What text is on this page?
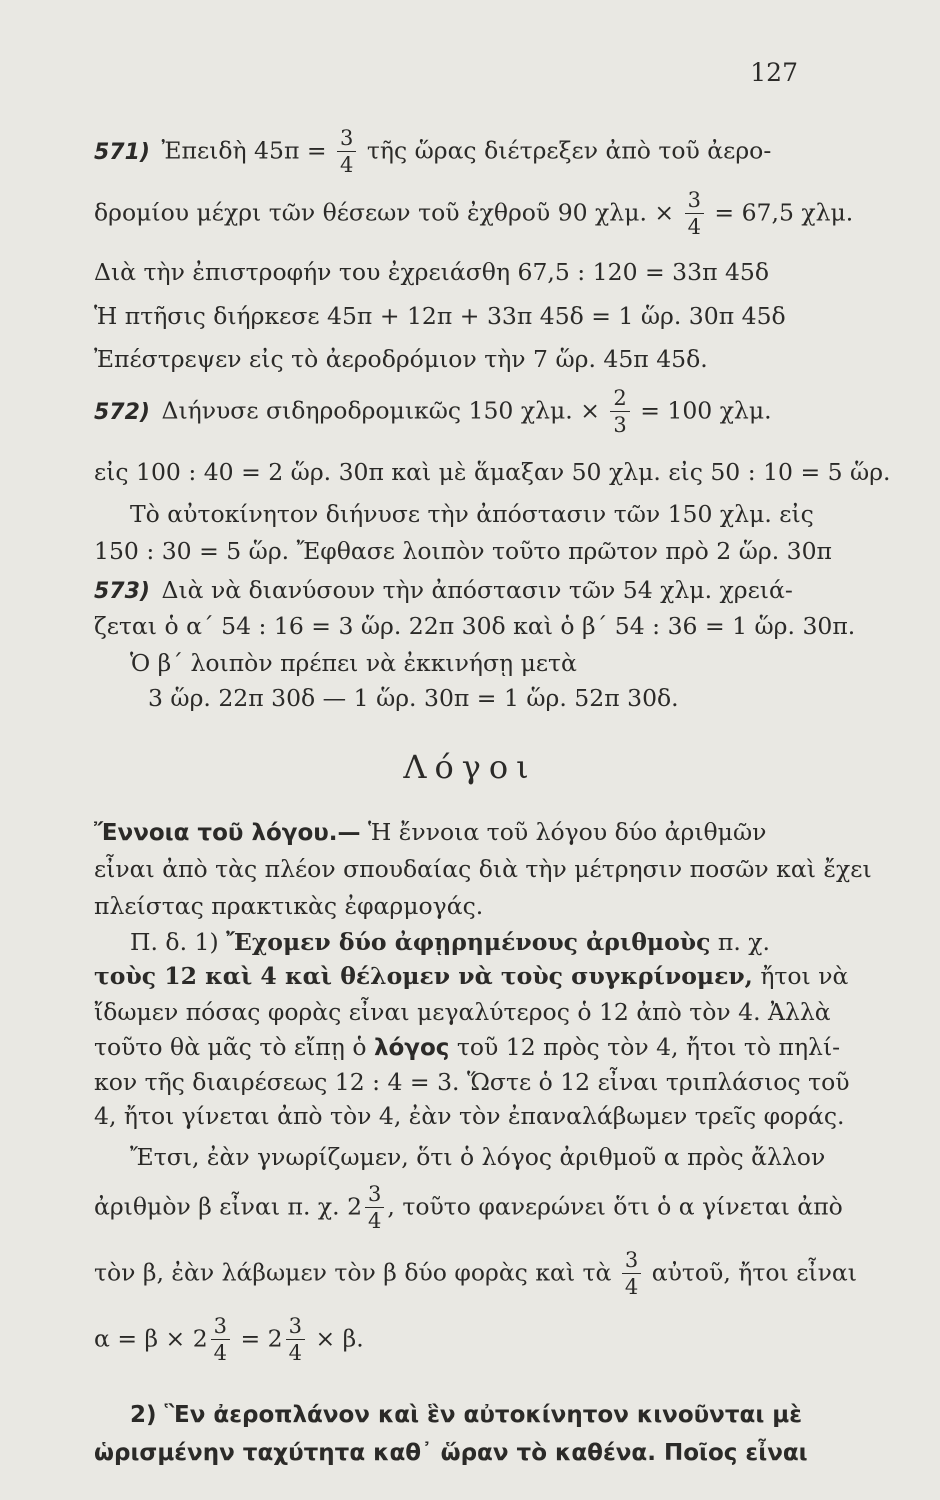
127
571) Ἐπειδὴ $45\pi = \frac{3}{4}$ τῆς ὥρας διέτρεξεν ἀπὸ τοῦ ἀερο-
δρομίου μέχρι τῶν θέσεων τοῦ ἐχθροῦ 90 χλμ. × $\frac{3}{4} = 67,5$ χλμ.
Διὰ τὴν ἐπιστροφήν του ἐχρειάσθη 67,5 : 120 = 33π 45δ
Ἡ πτῆσις διήρκεσε 45π + 12π + 33π 45δ = 1 ὥρ. 30π 45δ
Ἐπέστρεψεν εἰς τὸ ἀεροδρόμιον τὴν 7 ὥρ. 45π 45δ.
572) Διήνυσε σιδηροδρομικῶς 150 χλμ. × $\frac{2}{3} = 100$ χλμ.
εἰς 100 : 40 = 2 ὥρ. 30π καὶ μὲ ἅμαξαν 50 χλμ. εἰς 50 : 10 = 5 ὥρ.
Τὸ αὐτοκίνητον διήνυσε τὴν ἀπόστασιν τῶν 150 χλμ. εἰς
150 : 30 = 5 ὥρ. Ἔφθασε λοιπὸν τοῦτο πρῶτον πρὸ 2 ὥρ. 30π
573) Διὰ νὰ διανύσουν τὴν ἀπόστασιν τῶν 54 χλμ. χρειά-
ζεται ὁ α΄ 54 : 16 = 3 ὥρ. 22π 30δ καὶ ὁ β΄ 54 : 36 = 1 ὥρ. 30π.
Ὁ β΄ λοιπὸν πρέπει νὰ ἐκκινήσῃ μετὰ
3 ὥρ. 22π 30δ — 1 ὥρ. 30π = 1 ὥρ. 52π 30δ.
Λόγοι
Ἔννοια τοῦ λόγου.— Ἡ ἔννοια τοῦ λόγου δύο ἀριθμῶν
εἶναι ἀπὸ τὰς πλέον σπουδαίας διὰ τὴν μέτρησιν ποσῶν καὶ ἔχει
πλείστας πρακτικὰς ἐφαρμογάς.
Π. δ. 1) Ἔχομεν δύο ἀφῃρημένους ἀριθμοὺς π. χ.
τοὺς 12 καὶ 4 καὶ θέλομεν νὰ τοὺς συγκρίνομεν, ἤτοι νὰ
ἴδωμεν πόσας φορὰς εἶναι μεγαλύτερος ὁ 12 ἀπὸ τὸν 4. Ἀλλὰ
τοῦτο θὰ μᾶς τὸ εἴπῃ ὁ λόγος τοῦ 12 πρὸς τὸν 4, ἤτοι τὸ πηλί-
κον τῆς διαιρέσεως 12 : 4 = 3. Ὥστε ὁ 12 εἶναι τριπλάσιος τοῦ
4, ἤτοι γίνεται ἀπὸ τὸν 4, ἐὰν τὸν ἐπαναλάβωμεν τρεῖς φοράς.
Ἔτσι, ἐὰν γνωρίζωμεν, ὅτι ὁ λόγος ἀριθμοῦ α πρὸς ἄλλον
ἀριθμὸν β εἶναι π. χ. $2 \frac{3}{4}$ , τοῦτο φανερώνει ὅτι ὁ α γίνεται ἀπὸ
τὸν β, ἐὰν λάβωμεν τὸν β δύο φορὰς καὶ τὰ $\frac{3}{4}$ αὐτοῦ, ἤτοι εἶναι
$\alpha = \beta \times 2 \frac{3}{4} = 2 \frac{3}{4} \times \beta$.
2) Ἓν ἀεροπλάνον καὶ ἓν αὐτοκίνητον κινοῦνται μὲ
ὡρισμένην ταχύτητα καθ᾽ ὥραν τὸ καθένα. Ποῖος εἶναι
